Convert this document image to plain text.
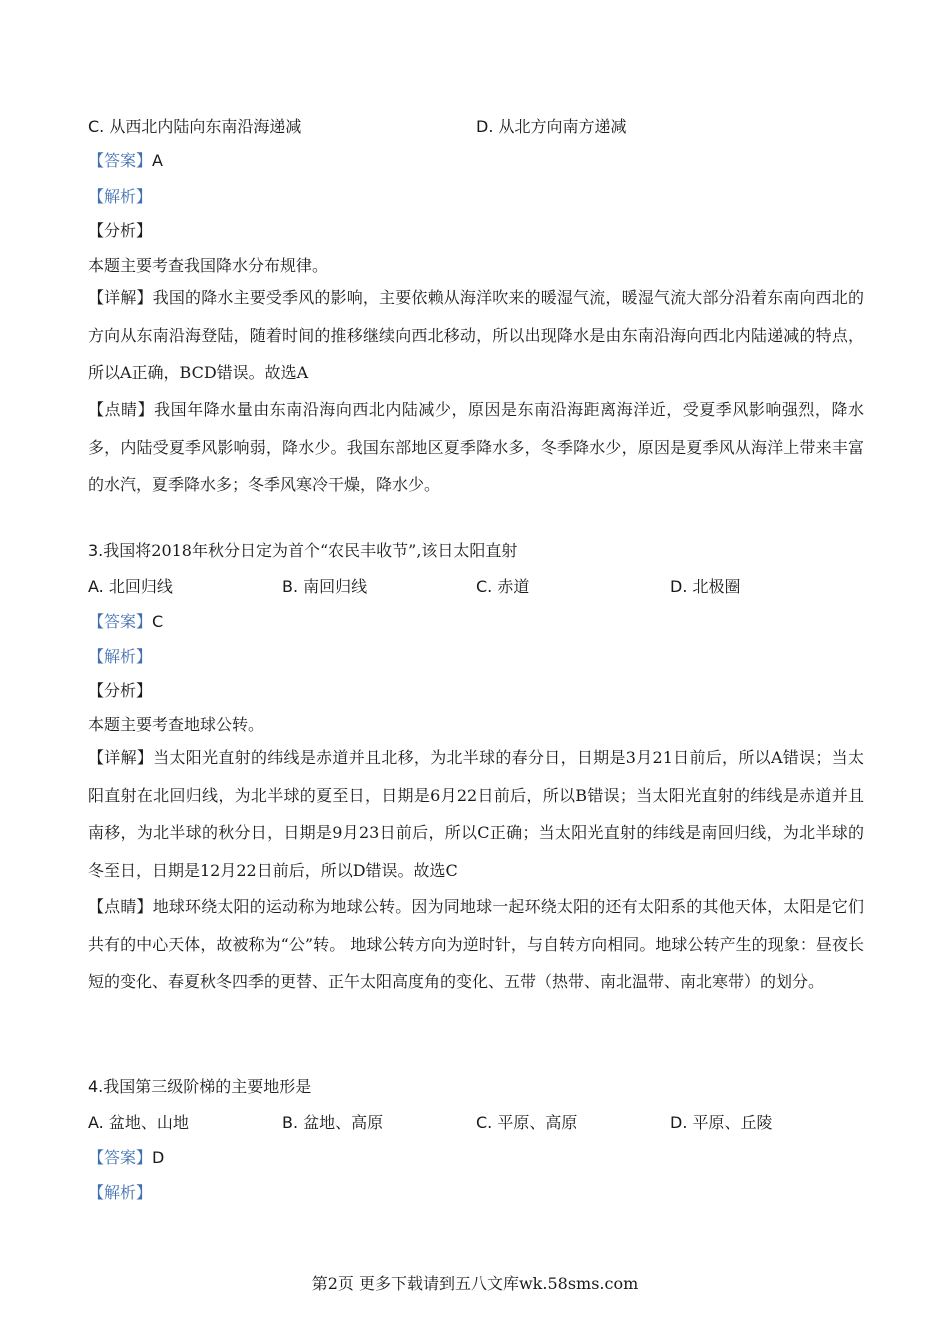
C. 从西北内陆向东南沿海递减	D. 从北方向南方递减
【答案】A
【解析】
【分析】
本题主要考查我国降水分布规律。
【详解】我国的降水主要受季风的影响，主要依赖从海洋吹来的暖湿气流，暖湿气流大部分沿着东南向西北的方向从东南沿海登陆，随着时间的推移继续向西北移动，所以出现降水是由东南沿海向西北内陆递减的特点，所以A正确，BCD错误。故选A
【点睛】我国年降水量由东南沿海向西北内陆减少，原因是东南沿海距离海洋近，受夏季风影响强烈，降水多，内陆受夏季风影响弱，降水少。我国东部地区夏季降水多，冬季降水少，原因是夏季风从海洋上带来丰富的水汽，夏季降水多；冬季风寒冷干燥，降水少。
3.我国将2018年秋分日定为首个“农民丰收节”,该日太阳直射
A. 北回归线	B. 南回归线	C. 赤道	D. 北极圈
【答案】C
【解析】
【分析】
本题主要考查地球公转。
【详解】当太阳光直射的纬线是赤道并且北移，为北半球的春分日，日期是3月21日前后，所以A错误；当太阳直射在北回归线，为北半球的夏至日，日期是6月22日前后，所以B错误；当太阳光直射的纬线是赤道并且南移，为北半球的秋分日，日期是9月23日前后，所以C正确；当太阳光直射的纬线是南回归线，为北半球的冬至日，日期是12月22日前后，所以D错误。故选C
【点睛】地球环绕太阳的运动称为地球公转。因为同地球一起环绕太阳的还有太阳系的其他天体，太阳是它们共有的中心天体，故被称为“公”转。 地球公转方向为逆时针，与自转方向相同。地球公转产生的现象：昼夜长短的变化、春夏秋冬四季的更替、正午太阳高度角的变化、五带（热带、南北温带、南北寒带）的划分。
4.我国第三级阶梯的主要地形是
A. 盆地、山地	B. 盆地、高原	C. 平原、高原	D. 平原、丘陵
【答案】D
【解析】
第2页 更多下载请到五八文库wk.58sms.com
